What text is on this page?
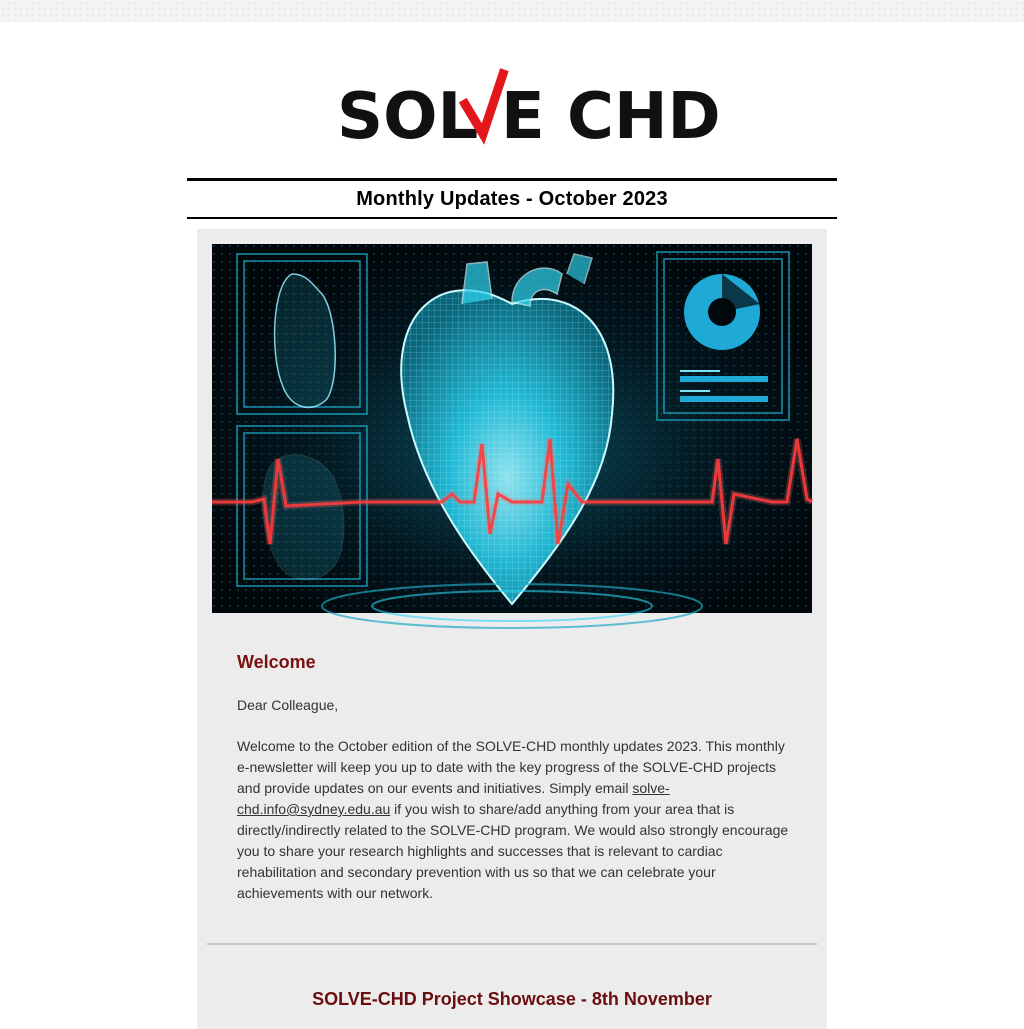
SOL E CHD
Monthly Updates - October 2023
Welcome
Dear Colleague,

Welcome to the October edition of the SOLVE-CHD monthly updates 2023. This monthly e-newsletter will keep you up to date with the key progress of the SOLVE-CHD projects and provide updates on our events and initiatives. Simply email solve-chd.info@sydney.edu.au if you wish to share/add anything from your area that is directly/indirectly related to the SOLVE-CHD program. We would also strongly encourage you to share your research highlights and successes that is relevant to cardiac rehabilitation and secondary prevention with us so that we can celebrate your achievements with our network.

SOLVE-CHD Project Showcase - 8th November
